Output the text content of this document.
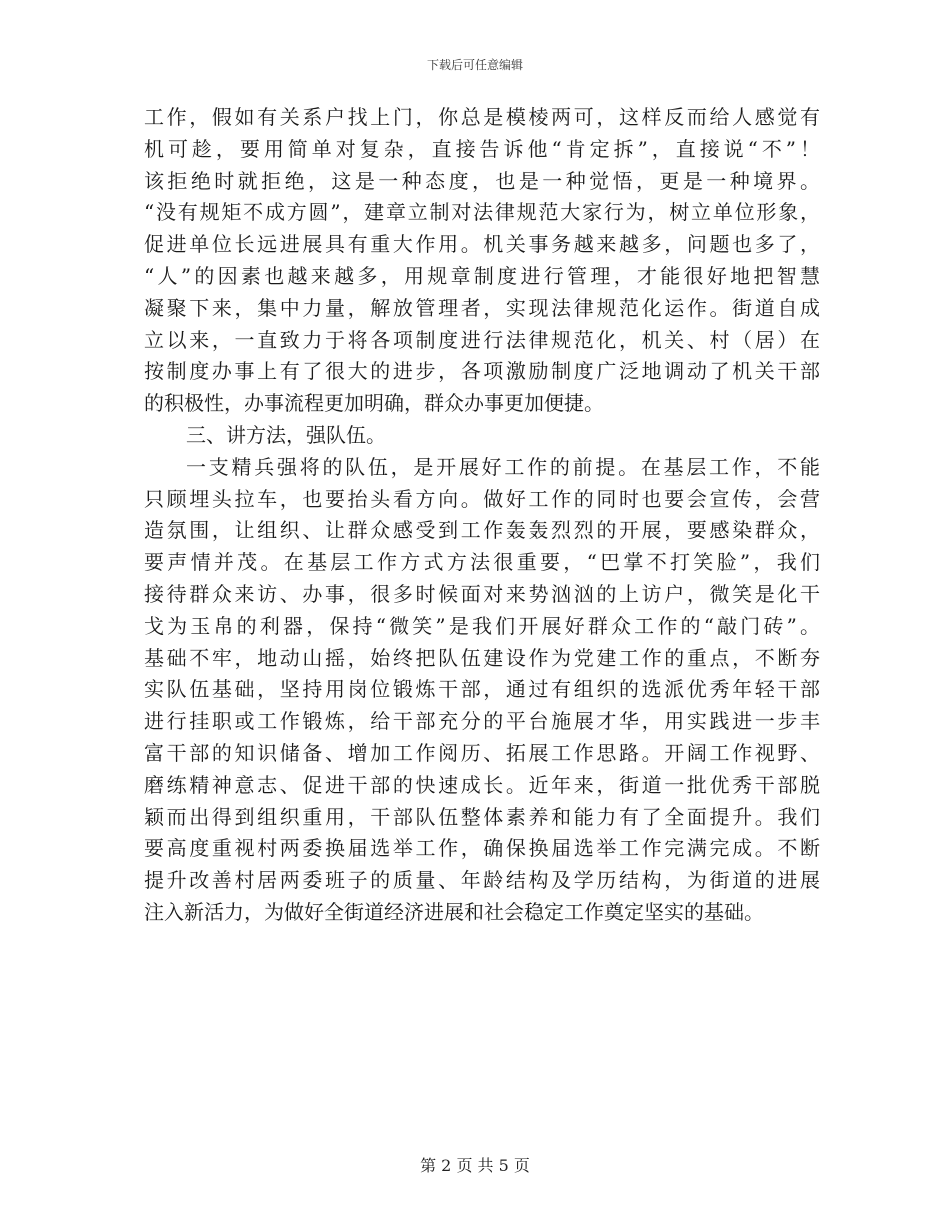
下载后可任意编辑
工作，假如有关系户找上门，你总是模棱两可，这样反而给人感觉有
机可趁，要用简单对复杂，直接告诉他“肯定拆”，直接说“不”！
该拒绝时就拒绝，这是一种态度，也是一种觉悟，更是一种境界。
“没有规矩不成方圆”，建章立制对法律规范大家行为，树立单位形象，
促进单位长远进展具有重大作用。机关事务越来越多，问题也多了，
“人”的因素也越来越多，用规章制度进行管理，才能很好地把智慧
凝聚下来，集中力量，解放管理者，实现法律规范化运作。街道自成
立以来，一直致力于将各项制度进行法律规范化，机关、村（居）在
按制度办事上有了很大的进步，各项激励制度广泛地调动了机关干部
的积极性，办事流程更加明确，群众办事更加便捷。
三、讲方法，强队伍。
一支精兵强将的队伍，是开展好工作的前提。在基层工作，不能
只顾埋头拉车，也要抬头看方向。做好工作的同时也要会宣传，会营
造氛围，让组织、让群众感受到工作轰轰烈烈的开展，要感染群众，
要声情并茂。在基层工作方式方法很重要，“巴掌不打笑脸”，我们
接待群众来访、办事，很多时候面对来势汹汹的上访户，微笑是化干
戈为玉帛的利器，保持“微笑”是我们开展好群众工作的“敲门砖”。
基础不牢，地动山摇，始终把队伍建设作为党建工作的重点，不断夯
实队伍基础，坚持用岗位锻炼干部，通过有组织的选派优秀年轻干部
进行挂职或工作锻炼，给干部充分的平台施展才华，用实践进一步丰
富干部的知识储备、增加工作阅历、拓展工作思路。开阔工作视野、
磨练精神意志、促进干部的快速成长。近年来，街道一批优秀干部脱
颖而出得到组织重用，干部队伍整体素养和能力有了全面提升。我们
要高度重视村两委换届选举工作，确保换届选举工作完满完成。不断
提升改善村居两委班子的质量、年龄结构及学历结构，为街道的进展
注入新活力，为做好全街道经济进展和社会稳定工作奠定坚实的基础。
第 2 页 共 5 页
